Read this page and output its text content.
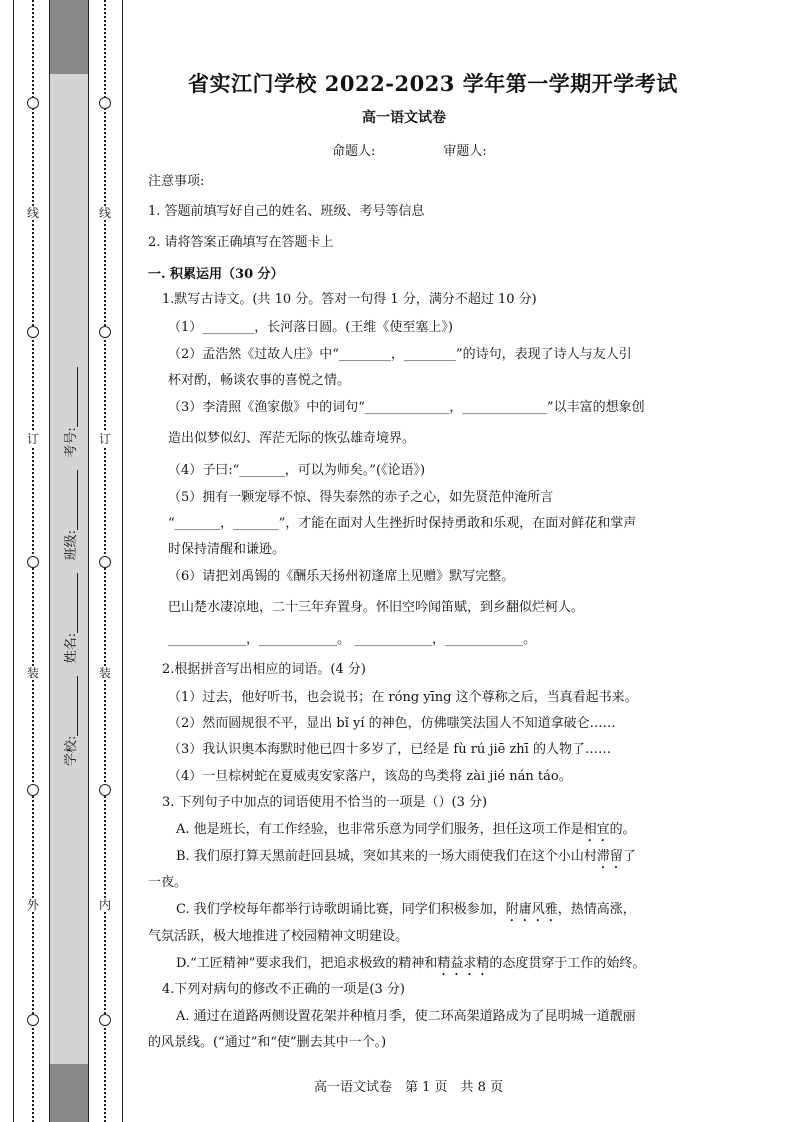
线
订
装
外
线
订
装
内
学校:   姓名:   班级:   考号:
省实江门学校 2022-2023 学年第一学期开学考试
高一语文试卷
命题人:	审题人:
注意事项:
1. 答题前填写好自己的姓名、班级、考号等信息
2. 请将答案正确填写在答题卡上
一. 积累运用（30 分）
1.默写古诗文。(共 10 分。答对一句得 1 分，满分不超过 10 分)
（1）________，长河落日圆。(王维《使至塞上》)
（2）孟浩然《过故人庄》中“________，________”的诗句，表现了诗人与友人引
杯对酌，畅谈农事的喜悦之情。
（3）李清照《渔家傲》中的词句“_____________，_____________”以丰富的想象创
造出似梦似幻、浑茫无际的恢弘雄奇境界。
（4）子曰:“_______，可以为师矣。”(《论语》)
（5）拥有一颗宠辱不惊、得失泰然的赤子之心，如先贤范仲淹所言
“_______，_______”，才能在面对人生挫折时保持勇敢和乐观，在面对鲜花和掌声
时保持清醒和谦逊。
（6）请把刘禹锡的《酬乐天扬州初逢席上见赠》默写完整。
巴山楚水凄凉地，二十三年弃置身。怀旧空吟闻笛赋，到乡翻似烂柯人。
____________，____________。 ____________，____________。
2.根据拼音写出相应的词语。(4 分)
（1）过去，他好听书，也会说书；在 róng yīng 这个尊称之后，当真看起书来。
（2）然而圆规很不平，显出 bǐ yí 的神色，仿佛嗤笑法国人不知道拿破仑……
（3）我认识奥本海默时他已四十多岁了，已经是 fù rú jiē zhī 的人物了……
（4）一旦棕树蛇在夏威夷安家落户，该岛的鸟类将 zài jié nán táo。
3. 下列句子中加点的词语使用不恰当的一项是（）(3 分)
A. 他是班长，有工作经验，也非常乐意为同学们服务，担任这项工作是相宜的。
B. 我们原打算天黑前赶回县城，突如其来的一场大雨使我们在这个小山村滞留了
一夜。
C. 我们学校每年都举行诗歌朗诵比赛，同学们积极参加，附庸风雅，热情高涨，
气氛活跃，极大地推进了校园精神文明建设。
D.“工匠精神”要求我们，把追求极致的精神和精益求精的态度贯穿于工作的始终。
4.下列对病句的修改不正确的一项是(3 分)
A. 通过在道路两侧设置花架并种植月季，使二环高架道路成为了昆明城一道靓丽
的风景线。(“通过”和“使”删去其中一个。)
高一语文试卷　第 1 页　共 8 页
